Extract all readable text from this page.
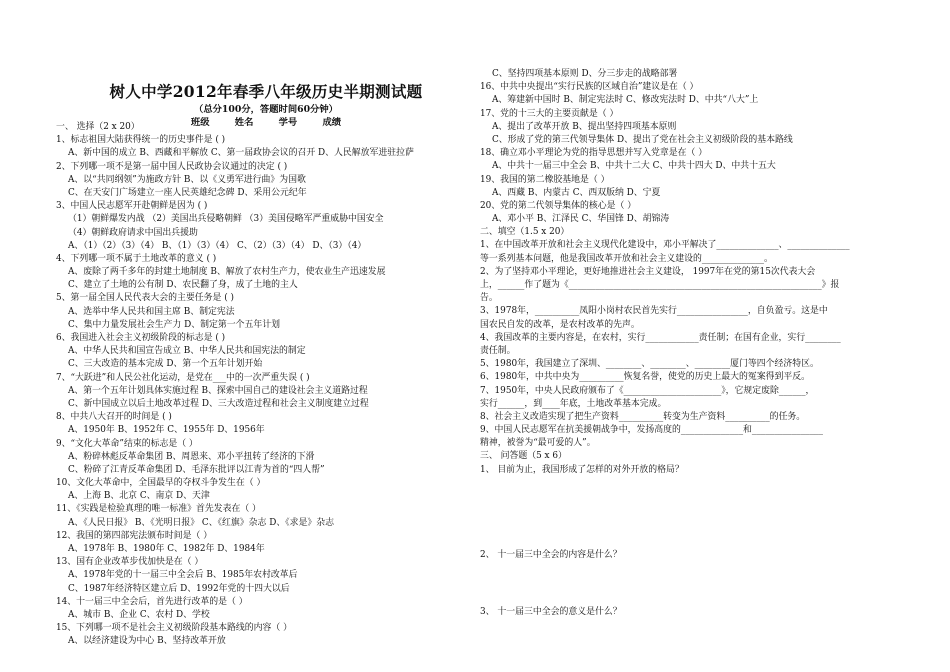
树人中学2012年春季八年级历史半期测试题
（总分100分，答题时间60分钟）
班级	姓名	学号	成绩
一、 选择（2 x 20）
1、标志祖国大陆获得统一的历史事件是 ( )
A、新中国的成立 B、西藏和平解放 C、第一届政协会议的召开 D、人民解放军进驻拉萨
2、下列哪一项不是第一届中国人民政协会议通过的决定 ( )
A、以“共同纲领”为施政方针 B、以《义勇军进行曲》为国歌
C、在天安门广场建立一座人民英雄纪念碑 D、采用公元纪年
3、中国人民志愿军开赴朝鲜是因为 ( )
（1）朝鲜爆发内战 （2）美国出兵侵略朝鲜 （3）美国侵略军严重威胁中国安全
（4）朝鲜政府请求中国出兵援助
A、（1）（2）（3）（4） B、（1）（3）（4） C、（2）（3）（4） D、（3）（4）
4、下列哪一项不属于土地改革的意义 ( )
A、废除了两千多年的封建土地制度 B、解放了农村生产力，使农业生产迅速发展
C、建立了土地的公有制 D、农民翻了身，成了土地的主人
5、第一届全国人民代表大会的主要任务是 ( )
A、选举中华人民共和国主席 B、制定宪法
C、集中力量发展社会生产力 D、制定第一个五年计划
6、我国进入社会主义初级阶段的标志是 ( )
A、中华人民共和国宣告成立 B、中华人民共和国宪法的制定
C、三大改造的基本完成 D、第一个五年计划开始
7、“大跃进”和人民公社化运动，是党在___中的一次严重失误 ( )
A、第一个五年计划具体实施过程 B、探索中国自己的建设社会主义道路过程
C、新中国成立以后土地改革过程 D、三大改造过程和社会主义制度建立过程
8、中共八大召开的时间是 ( )
A、1950年 B、1952年 C、1955年 D、1956年
9、“文化大革命”结束的标志是（ ）
A、粉碎林彪反革命集团 B、周恩来、邓小平扭转了经济的下滑
C、粉碎了江青反革命集团 D、毛泽东批评以江青为首的“四人帮”
10、文化大革命中，全国最早的夺权斗争发生在（ ）
A、上海 B、北京 C、南京 D、天津
11、《实践是检验真理的唯一标准》首先发表在（ ）
A、《人民日报》 B、《光明日报》 C、《红旗》杂志 D、《求是》杂志
12、我国的第四部宪法颁布时间是（ ）
A、1978年 B、1980年 C、1982年 D、1984年
13、国有企业改革步伐加快是在（ ）
A、1978年党的十一届三中全会后 B、1985年农村改革后
C、1987年经济特区建立后 D、1992年党的十四大以后
14、十一届三中全会后，首先进行改革的是（ ）
A、城市 B、企业 C、农村 D、学校
15、下列哪一项不是社会主义初级阶段基本路线的内容（ ）
A、以经济建设为中心 B、坚持改革开放
C、坚持四项基本原则 D、分三步走的战略部署
16、中共中央提出“实行民族的区域自治”建议是在（ ）
A、筹建新中国时 B、制定宪法时 C、修改宪法时 D、中共“八大”上
17、党的十三大的主要贡献是（ ）
A、提出了改革开放 B、提出坚持四项基本原则
C、形成了党的第三代领导集体 D、提出了党在社会主义初级阶段的基本路线
18、确立邓小平理论为党的指导思想并写入党章是在（ ）
A、中共十一届三中全会 B、中共十二大 C、中共十四大 D、中共十五大
19、我国的第二橡胶基地是（ ）
A、西藏 B、内蒙古 C、西双版纳 D、宁夏
20、党的第二代领导集体的核心是（ ）
A、邓小平 B、江泽民 C、华国锋 D、胡锦涛
二、填空（1.5 x 20）
1、在中国改革开放和社会主义现代化建设中，邓小平解决了______________、______________
等一系列基本问题，他是我国改革开放和社会主义建设的______________。
2、为了坚持邓小平理论，更好地推进社会主义建设， 1997年在党的第15次代表大会
上，______作了题为《_________________________________________________________》报
告。
3、1978年，__________凤阳小岗村农民首先实行________________，自负盈亏。这是中
国农民自发的改革，是农村改革的先声。
4、我国改革的主要内容是，在农村，实行____________责任制；在国有企业，实行________
责任制。
5、1980年，我国建立了深圳、________、________、________厦门等四个经济特区。
6、1980年，中共中央为__________恢复名誉，使党的历史上最大的冤案得到平反。
7、1950年，中央人民政府颁布了《______________________》，它规定废除______，
实行______，到____年底，土地改革基本完成。
8、社会主义改造实现了把生产资料__________转变为生产资料__________的任务。
9、中国人民志愿军在抗美援朝战争中，发扬高度的______________和________________
精神，被誉为“最可爱的人”。
三、 问答题（5 x 6）
1、 目前为止，我国形成了怎样的对外开放的格局？
2、 十一届三中全会的内容是什么？
3、 十一届三中全会的意义是什么？
